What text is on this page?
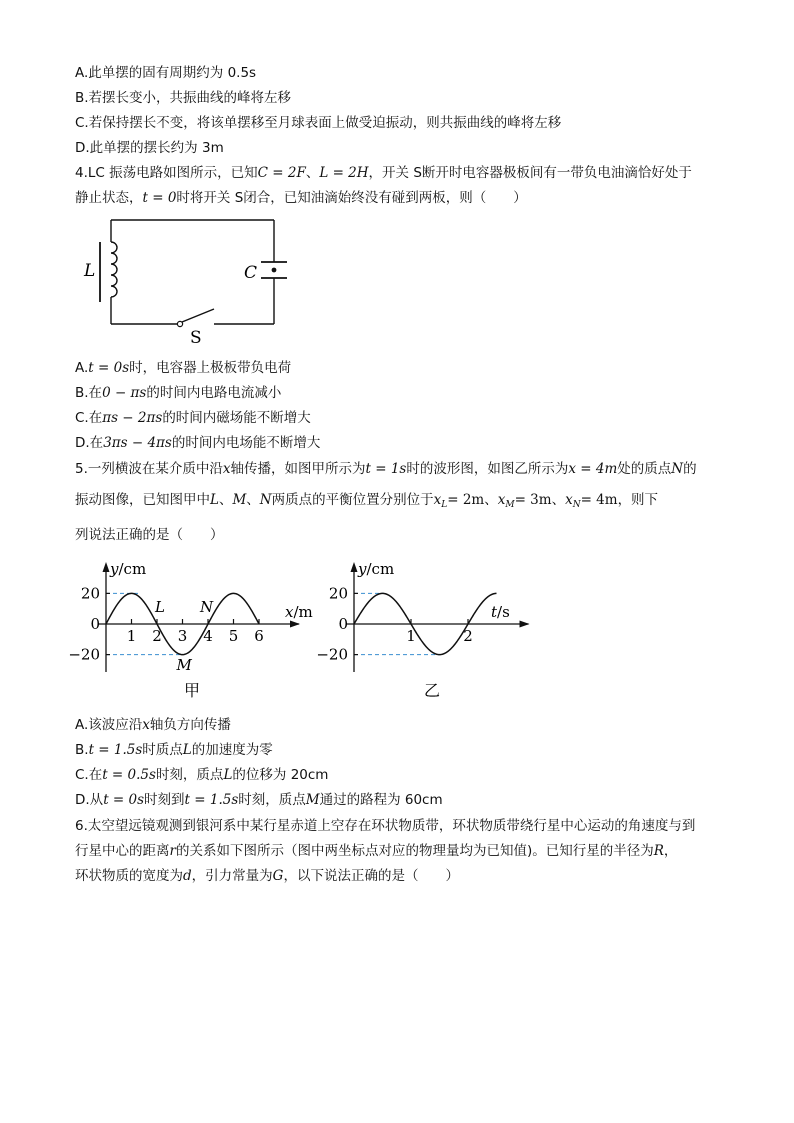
A.此单摆的固有周期约为 0.5s
B.若摆长变小，共振曲线的峰将左移
C.若保持摆长不变，将该单摆移至月球表面上做受迫振动，则共振曲线的峰将左移
D.此单摆的摆长约为 3m
4.LC 振荡电路如图所示，已知C = 2F、L = 2H，开关 S断开时电容器极板间有一带负电油滴恰好处于
静止状态，t = 0时将开关 S闭合，已知油滴始终没有碰到两板，则（　　）
L	C
S
A.t = 0s时，电容器上极板带负电荷
B.在0 − πs的时间内电路电流减小
C.在πs − 2πs的时间内磁场能不断增大
D.在3πs − 4πs的时间内电场能不断增大
5.一列横波在某介质中沿x轴传播，如图甲所示为t = 1s时的波形图，如图乙所示为x = 4m处的质点N的
振动图像，已知图甲中L、M、N两质点的平衡位置分别位于$x_L= 2m$、$x_M= 3m$、$x_N= 4m$，则下
列说法正确的是（　　）
y/cm
x/m
20
0
−20
1 2 3 4 5 6
甲
L
M
N
y/cm
t/s
20
0
−20
1	2
乙
A.该波应沿x轴负方向传播
B.t = 1.5s时质点L的加速度为零
C.在t = 0.5s时刻，质点L的位移为 20cm
D.从t = 0s时刻到t = 1.5s时刻，质点M通过的路程为 60cm
6.太空望远镜观测到银河系中某行星赤道上空存在环状物质带，环状物质带绕行星中心运动的角速度与到
行星中心的距离r的关系如下图所示（图中两坐标点对应的物理量均为已知值)。已知行星的半径为R，
环状物质的宽度为d，引力常量为G，以下说法正确的是（　　）
